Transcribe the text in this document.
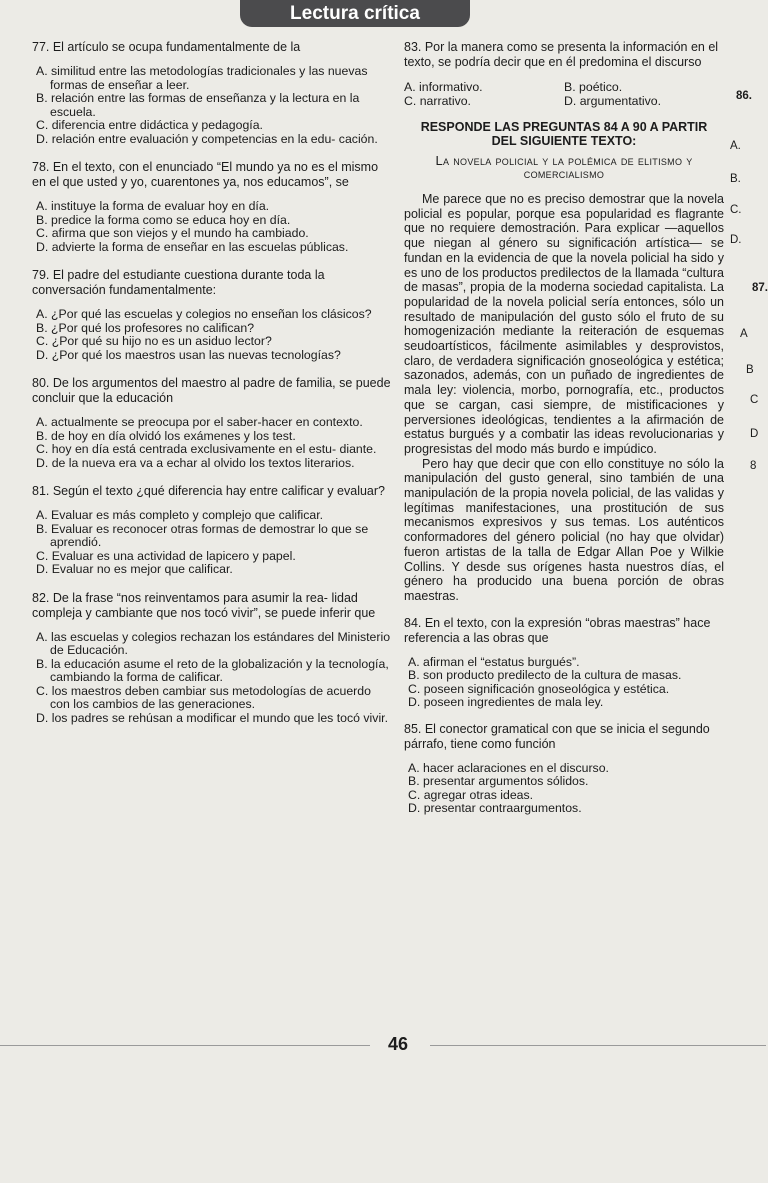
Lectura crítica

77. El artículo se ocupa fundamentalmente de la

A. similitud entre las metodologías tradicionales y las nuevas formas de enseñar a leer.

B. relación entre las formas de enseñanza y la lectura en la escuela.

C. diferencia entre didáctica y pedagogía.

D. relación entre evaluación y competencias en la edu- cación.

78. En el texto, con el enunciado “El mundo ya no es el mismo en el que usted y yo, cuarentones ya, nos educamos”, se

A. instituye la forma de evaluar hoy en día.

B. predice la forma como se educa hoy en día.

C. afirma que son viejos y el mundo ha cambiado.

D. advierte la forma de enseñar en las escuelas públicas.

79. El padre del estudiante cuestiona durante toda la conversación fundamentalmente:

A. ¿Por qué las escuelas y colegios no enseñan los clásicos?

B. ¿Por qué los profesores no califican?

C. ¿Por qué su hijo no es un asiduo lector?

D. ¿Por qué los maestros usan las nuevas tecnologías?

80. De los argumentos del maestro al padre de familia, se puede concluir que la educación

A. actualmente se preocupa por el saber-hacer en contexto.

B. de hoy en día olvidó los exámenes y los test.

C. hoy en día está centrada exclusivamente en el estu- diante.

D. de la nueva era va a echar al olvido los textos literarios.

81. Según el texto ¿qué diferencia hay entre calificar y evaluar?

A. Evaluar es más completo y complejo que calificar.

B. Evaluar es reconocer otras formas de demostrar lo que se aprendió.

C. Evaluar es una actividad de lapicero y papel.

D. Evaluar no es mejor que calificar.

82. De la frase “nos reinventamos para asumir la rea- lidad compleja y cambiante que nos tocó vivir”, se puede inferir que

A. las escuelas y colegios rechazan los estándares del Ministerio de Educación.

B. la educación asume el reto de la globalización y la tecnología, cambiando la forma de calificar.

C. los maestros deben cambiar sus metodologías de acuerdo con los cambios de las generaciones.

D. los padres se rehúsan a modificar el mundo que les tocó vivir.

83. Por la manera como se presenta la información en el texto, se podría decir que en él predomina el discurso

A. informativo.	B. poético.
C. narrativo.	D. argumentativo.

RESPONDE LAS PREGUNTAS 84 A 90 A PARTIR DEL SIGUIENTE TEXTO:

La novela policial y la polémica de elitismo y comercialismo

Me parece que no es preciso demostrar que la novela policial es popular, porque esa popularidad es flagrante que no requiere demostración. Para explicar —aquellos que niegan al género su significación artística— se fundan en la evidencia de que la novela policial ha sido y es uno de los productos predilectos de la llamada “cultura de masas”, propia de la moderna sociedad capitalista. La popularidad de la novela policial sería entonces, sólo un resultado de manipulación del gusto sólo el fruto de su homogenización mediante la reiteración de esquemas seudoartísticos, fácilmente asimilables y desprovistos, claro, de verdadera significación gnoseológica y estética; sazonados, además, con un puñado de ingredientes de mala ley: violencia, morbo, pornografía, etc., productos que se cargan, casi siempre, de mistificaciones y perversiones ideológicas, tendientes a la afirmación de estatus burgués y a combatir las ideas revolucionarias y progresistas del modo más burdo e impúdico.

Pero hay que decir que con ello constituye no sólo la manipulación del gusto general, sino también de una manipulación de la propia novela policial, de las validas y legítimas manifestaciones, una prostitución de sus mecanismos expresivos y sus temas. Los auténticos conformadores del género policial (no hay que olvidar) fueron artistas de la talla de Edgar Allan Poe y Wilkie Collins. Y desde sus orígenes hasta nuestros días, el género ha producido una buena porción de obras maestras.

84. En el texto, con la expresión “obras maestras” hace referencia a las obras que

A. afirman el “estatus burgués”.

B. son producto predilecto de la cultura de masas.

C. poseen significación gnoseológica y estética.

D. poseen ingredientes de mala ley.

85. El conector gramatical con que se inicia el segundo párrafo, tiene como función

A. hacer aclaraciones en el discurso.

B. presentar argumentos sólidos.

C. agregar otras ideas.

D. presentar contraargumentos.

86.
A.
B.
C.
D.
87.
A
B
C
D
8
46
